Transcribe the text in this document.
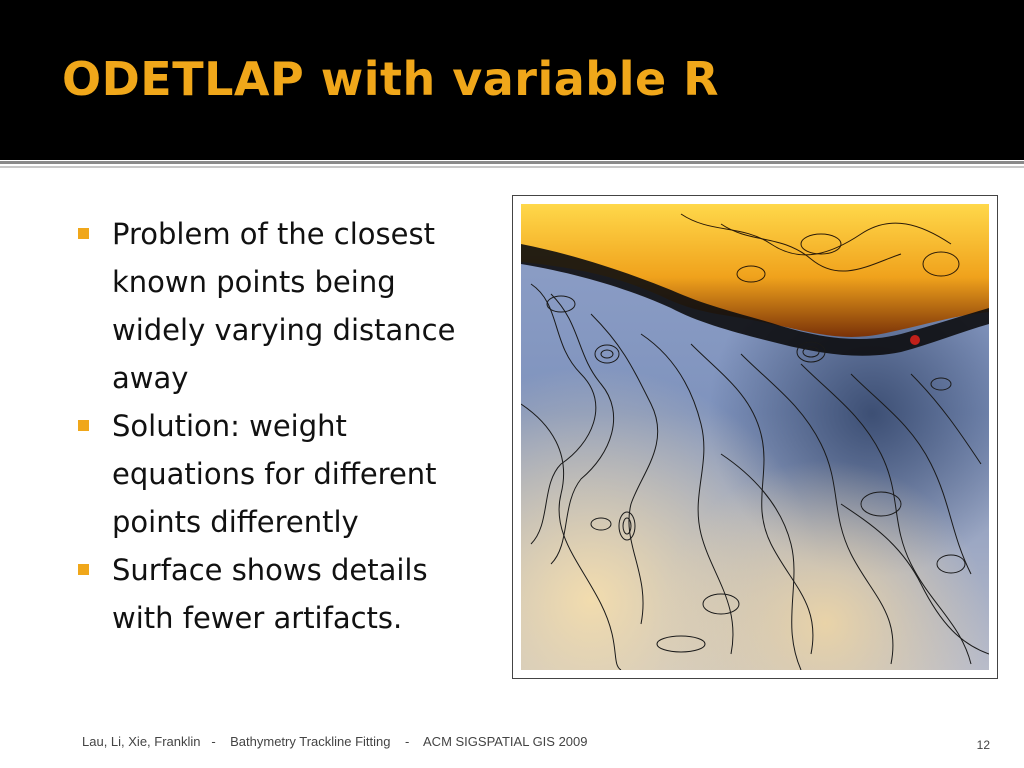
ODETLAP with variable R
Problem of the closest known points being widely varying distance away
Solution: weight equations for different points differently
Surface shows details with fewer artifacts.
Lau, Li, Xie, Franklin   -    Bathymetry Trackline Fitting    -    ACM SIGSPATIAL GIS 2009	12
